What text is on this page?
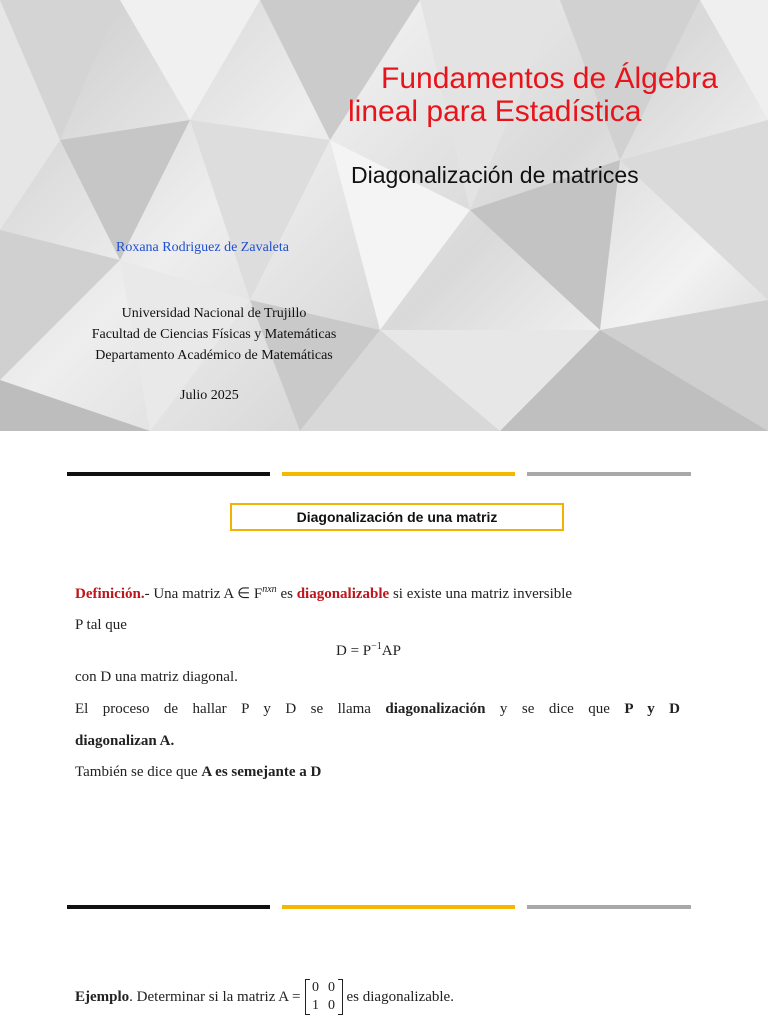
Fundamentos de Álgebra
lineal para Estadística
Diagonalización de matrices
Roxana Rodriguez de Zavaleta
Universidad Nacional de Trujillo
Facultad de Ciencias Físicas y Matemáticas
Departamento Académico de Matemáticas
Julio 2025
Diagonalización de una matriz
Definición.- Una matriz A ∈ $F^{nxn}$ es diagonalizable si existe una matriz inversible
P tal que
$D = P^{-1}AP$
con D una matriz diagonal.
El proceso de hallar P y D se llama diagonalización y se dice que P y D
diagonalizan A.
También se dice que A es semejante a D
Ejemplo . Determinar si la matriz A =
0 0
1 0
es diagonalizable.
